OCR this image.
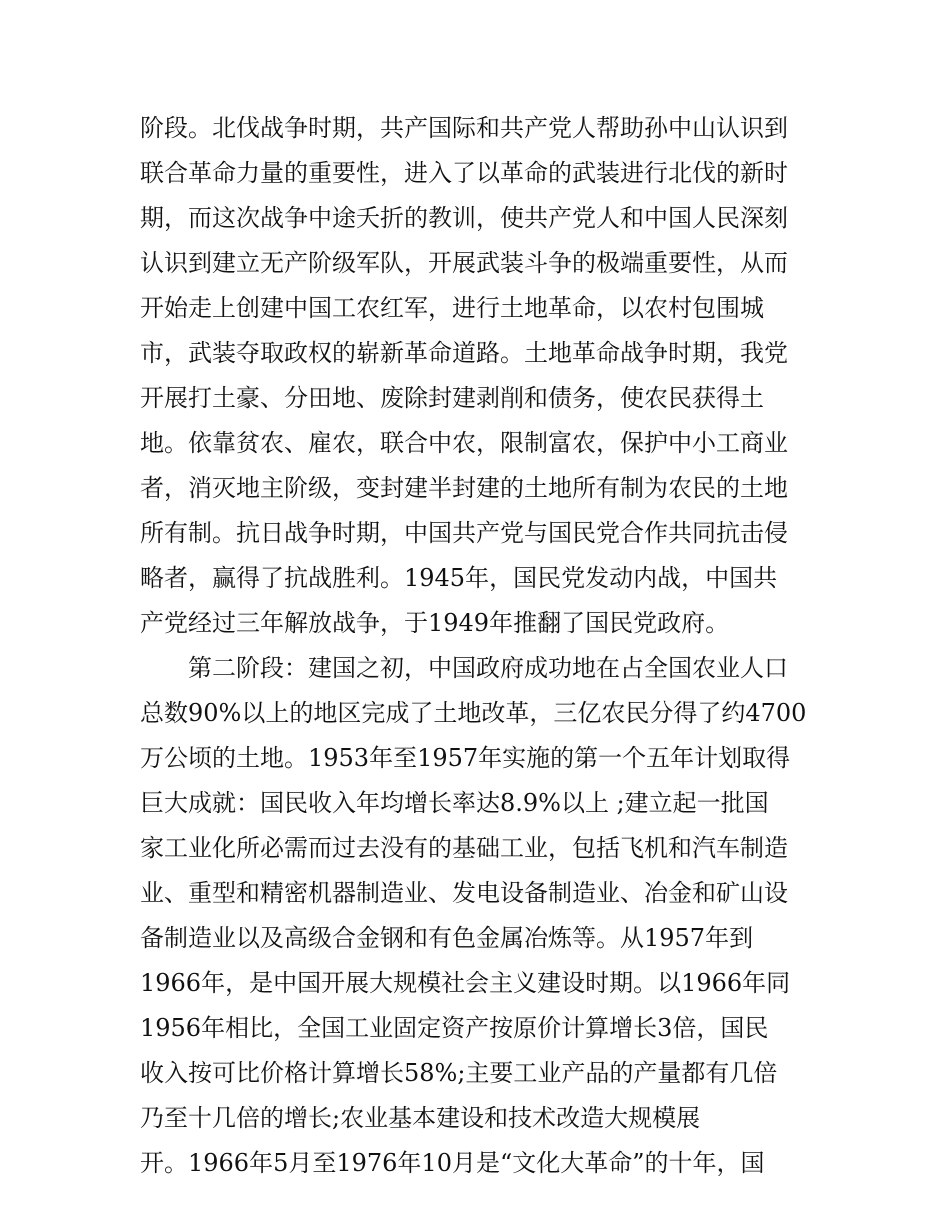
阶段。北伐战争时期，共产国际和共产党人帮助孙中山认识到
联合革命力量的重要性，进入了以革命的武装进行北伐的新时
期，而这次战争中途夭折的教训，使共产党人和中国人民深刻
认识到建立无产阶级军队，开展武装斗争的极端重要性，从而
开始走上创建中国工农红军，进行土地革命，以农村包围城
市，武装夺取政权的崭新革命道路。土地革命战争时期，我党
开展打土豪、分田地、废除封建剥削和债务，使农民获得土
地。依靠贫农、雇农，联合中农，限制富农，保护中小工商业
者，消灭地主阶级，变封建半封建的土地所有制为农民的土地
所有制。抗日战争时期，中国共产党与国民党合作共同抗击侵
略者，赢得了抗战胜利。1945年，国民党发动内战，中国共
产党经过三年解放战争，于1949年推翻了国民党政府。
第二阶段：建国之初，中国政府成功地在占全国农业人口
总数90%以上的地区完成了土地改革，三亿农民分得了约4700
万公顷的土地。1953年至1957年实施的第一个五年计划取得
巨大成就：国民收入年均增长率达8.9%以上 ;建立起一批国
家工业化所必需而过去没有的基础工业，包括飞机和汽车制造
业、重型和精密机器制造业、发电设备制造业、冶金和矿山设
备制造业以及高级合金钢和有色金属冶炼等。从1957年到
1966年，是中国开展大规模社会主义建设时期。以1966年同
1956年相比，全国工业固定资产按原价计算增长3倍，国民
收入按可比价格计算增长58%;主要工业产品的产量都有几倍
乃至十几倍的增长;农业基本建设和技术改造大规模展
开。1966年5月至1976年10月是“文化大革命”的十年，国
